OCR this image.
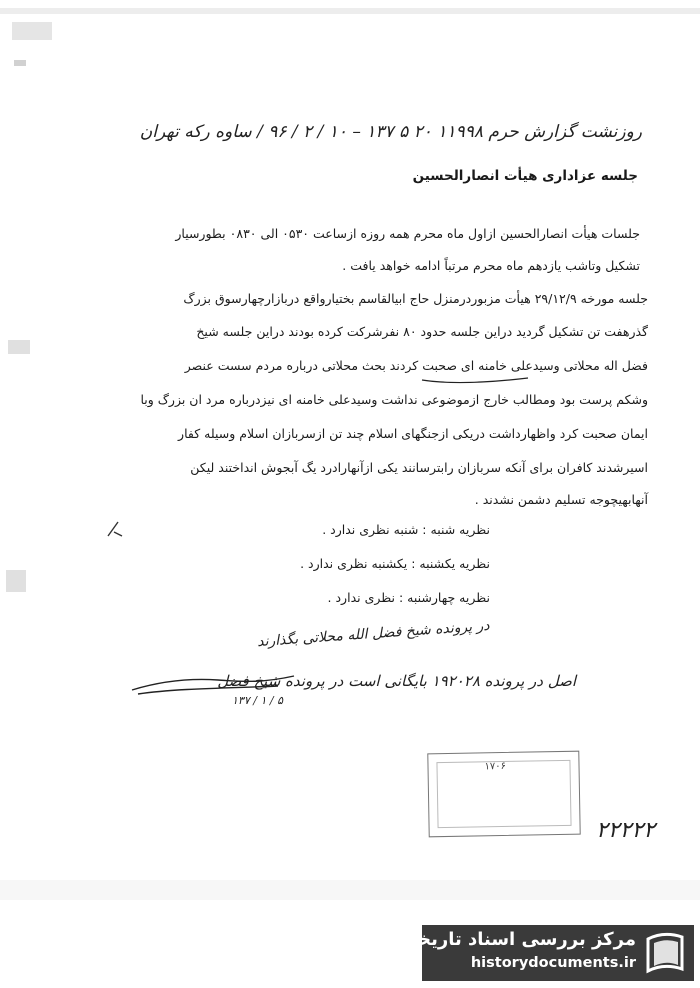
روزنشت گزارش حرم ۱۱۹۹۸ ۲۰ ۵ ۱۳۷ – ۱۰ / ۲ / ۹۶ / ساوه رکه تهران
جلسه عزاداری هیأت انصارالحسین
جلسات هیأت انصارالحسین ازاول ماه محرم همه روزه ازساعت ۰۵۳۰ الی ۰۸۳۰ بطورسیار
تشکیل وتاشب یازدهم ماه محرم مرتباً ادامه خواهد یافت .
جلسه مورخه ۲۹/۱۲/۹ هیأت مزبوردرمنزل حاج ابیالقاسم بختیارواقع دربازارچهارسوق بزرگ
گذرهفت تن تشکیل گردید دراین جلسه حدود ۸۰ نفرشرکت کرده بودند دراین جلسه شیخ
فضل اله محلاتی وسیدعلی خامنه ای صحبت کردند بحث محلاتی درباره مردم سست عنصر
وشکم پرست بود ومطالب خارج ازموضوعی نداشت وسیدعلی خامنه ای نیزدرباره مرد ان بزرگ وبا
ایمان صحبت کرد واظهارداشت دریکی ازجنگهای اسلام چند تن ازسربازان اسلام وسیله کفار
اسیرشدند کافران برای آنکه سربازان رابترسانند یکی ازآنهارادرد یگ آبجوش انداختند لیکن
آنهابهیچوجه تسلیم دشمن نشدند .
نظریه شنبه : شنبه نظری ندارد .
نظریه یکشنبه : یکشنبه نظری ندارد .
نظریه چهارشنبه : نظری ندارد .
در پرونده شیخ فضل الله محلاتی بگذارند
اصل در پرونده ۱۹۲۰۲۸ بایگانی است در پرونده شیخ فضل
۵ / ۱ / ۱۳۷
۱۷۰۶
۲۲۲۲۲
مرکز بررسی اسناد تاریخی
historydocuments.ir
